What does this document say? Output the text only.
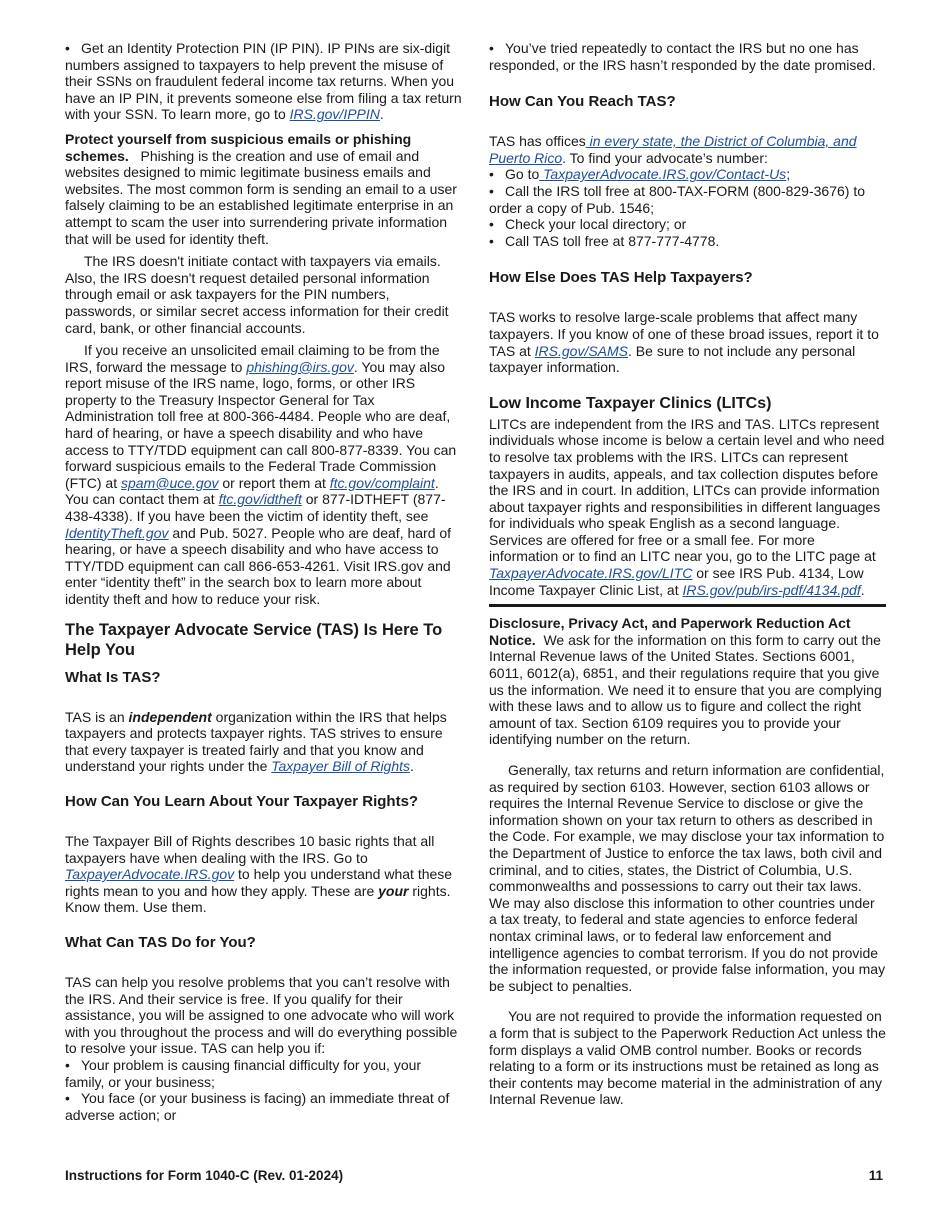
• Get an Identity Protection PIN (IP PIN). IP PINs are six-digit numbers assigned to taxpayers to help prevent the misuse of their SSNs on fraudulent federal income tax returns. When you have an IP PIN, it prevents someone else from filing a tax return with your SSN. To learn more, go to IRS.gov/IPPIN.

Protect yourself from suspicious emails or phishing schemes. Phishing is the creation and use of email and websites designed to mimic legitimate business emails and websites. The most common form is sending an email to a user falsely claiming to be an established legitimate enterprise in an attempt to scam the user into surrendering private information that will be used for identity theft.

The IRS doesn't initiate contact with taxpayers via emails. Also, the IRS doesn't request detailed personal information through email or ask taxpayers for the PIN numbers, passwords, or similar secret access information for their credit card, bank, or other financial accounts.

If you receive an unsolicited email claiming to be from the IRS, forward the message to phishing@irs.gov. You may also report misuse of the IRS name, logo, forms, or other IRS property to the Treasury Inspector General for Tax Administration toll free at 800-366-4484. People who are deaf, hard of hearing, or have a speech disability and who have access to TTY/TDD equipment can call 800-877-8339. You can forward suspicious emails to the Federal Trade Commission (FTC) at spam@uce.gov or report them at ftc.gov/complaint. You can contact them at ftc.gov/idtheft or 877-IDTHEFT (877-438-4338). If you have been the victim of identity theft, see IdentityTheft.gov and Pub. 5027. People who are deaf, hard of hearing, or have a speech disability and who have access to TTY/TDD equipment can call 866-653-4261. Visit IRS.gov and enter “identity theft” in the search box to learn more about identity theft and how to reduce your risk.

The Taxpayer Advocate Service (TAS) Is Here To Help You

What Is TAS?

TAS is an independent organization within the IRS that helps taxpayers and protects taxpayer rights. TAS strives to ensure that every taxpayer is treated fairly and that you know and understand your rights under the Taxpayer Bill of Rights.

How Can You Learn About Your Taxpayer Rights?

The Taxpayer Bill of Rights describes 10 basic rights that all taxpayers have when dealing with the IRS. Go to TaxpayerAdvocate.IRS.gov to help you understand what these rights mean to you and how they apply. These are your rights. Know them. Use them.

What Can TAS Do for You?

TAS can help you resolve problems that you can’t resolve with the IRS. And their service is free. If you qualify for their assistance, you will be assigned to one advocate who will work with you throughout the process and will do everything possible to resolve your issue. TAS can help you if:

• Your problem is causing financial difficulty for you, your family, or your business;

• You face (or your business is facing) an immediate threat of adverse action; or

• You’ve tried repeatedly to contact the IRS but no one has responded, or the IRS hasn’t responded by the date promised.

How Can You Reach TAS?

TAS has offices in every state, the District of Columbia, and Puerto Rico. To find your advocate’s number:

• Go to TaxpayerAdvocate.IRS.gov/Contact-Us;

• Call the IRS toll free at 800-TAX-FORM (800-829-3676) to order a copy of Pub. 1546;

• Check your local directory; or

• Call TAS toll free at 877-777-4778.

How Else Does TAS Help Taxpayers?

TAS works to resolve large-scale problems that affect many taxpayers. If you know of one of these broad issues, report it to TAS at IRS.gov/SAMS. Be sure to not include any personal taxpayer information.

Low Income Taxpayer Clinics (LITCs)

LITCs are independent from the IRS and TAS. LITCs represent individuals whose income is below a certain level and who need to resolve tax problems with the IRS. LITCs can represent taxpayers in audits, appeals, and tax collection disputes before the IRS and in court. In addition, LITCs can provide information about taxpayer rights and responsibilities in different languages for individuals who speak English as a second language. Services are offered for free or a small fee. For more information or to find an LITC near you, go to the LITC page at TaxpayerAdvocate.IRS.gov/LITC or see IRS Pub. 4134, Low Income Taxpayer Clinic List, at IRS.gov/pub/irs-pdf/4134.pdf.

Disclosure, Privacy Act, and Paperwork Reduction Act Notice. We ask for the information on this form to carry out the Internal Revenue laws of the United States. Sections 6001, 6011, 6012(a), 6851, and their regulations require that you give us the information. We need it to ensure that you are complying with these laws and to allow us to figure and collect the right amount of tax. Section 6109 requires you to provide your identifying number on the return.

Generally, tax returns and return information are confidential, as required by section 6103. However, section 6103 allows or requires the Internal Revenue Service to disclose or give the information shown on your tax return to others as described in the Code. For example, we may disclose your tax information to the Department of Justice to enforce the tax laws, both civil and criminal, and to cities, states, the District of Columbia, U.S. commonwealths and possessions to carry out their tax laws. We may also disclose this information to other countries under a tax treaty, to federal and state agencies to enforce federal nontax criminal laws, or to federal law enforcement and intelligence agencies to combat terrorism. If you do not provide the information requested, or provide false information, you may be subject to penalties.

You are not required to provide the information requested on a form that is subject to the Paperwork Reduction Act unless the form displays a valid OMB control number. Books or records relating to a form or its instructions must be retained as long as their contents may become material in the administration of any Internal Revenue law.

Instructions for Form 1040-C (Rev. 01-2024)	11
